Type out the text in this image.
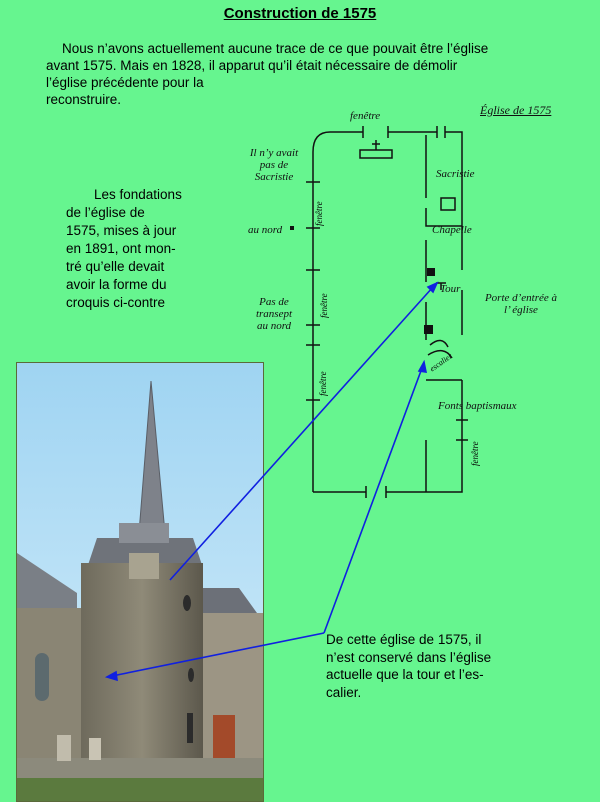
Construction de 1575
Nous n’avons actuellement aucune trace de ce que pouvait être l’église
avant 1575. Mais en 1828, il apparut qu’il était nécessaire de démolir
l’église précédente pour la
reconstruire.
Les fondations
de l’église de
1575, mises à jour
en 1891, ont mon-
tré qu’elle devait
avoir la forme du
croquis ci-contre
Église de 1575
fenêtre
Il n’y avait
pas de
Sacristie
au nord
Sacristie
Chapelle
Tour
Porte d’entrée à
l’ église
Pas de
transept
au nord
Fonts baptismaux
fenêtre
fenêtre
fenêtre
fenêtre
escalier
De cette église de 1575, il
n’est conservé dans l’église
actuelle que la tour et l’es-
calier.
